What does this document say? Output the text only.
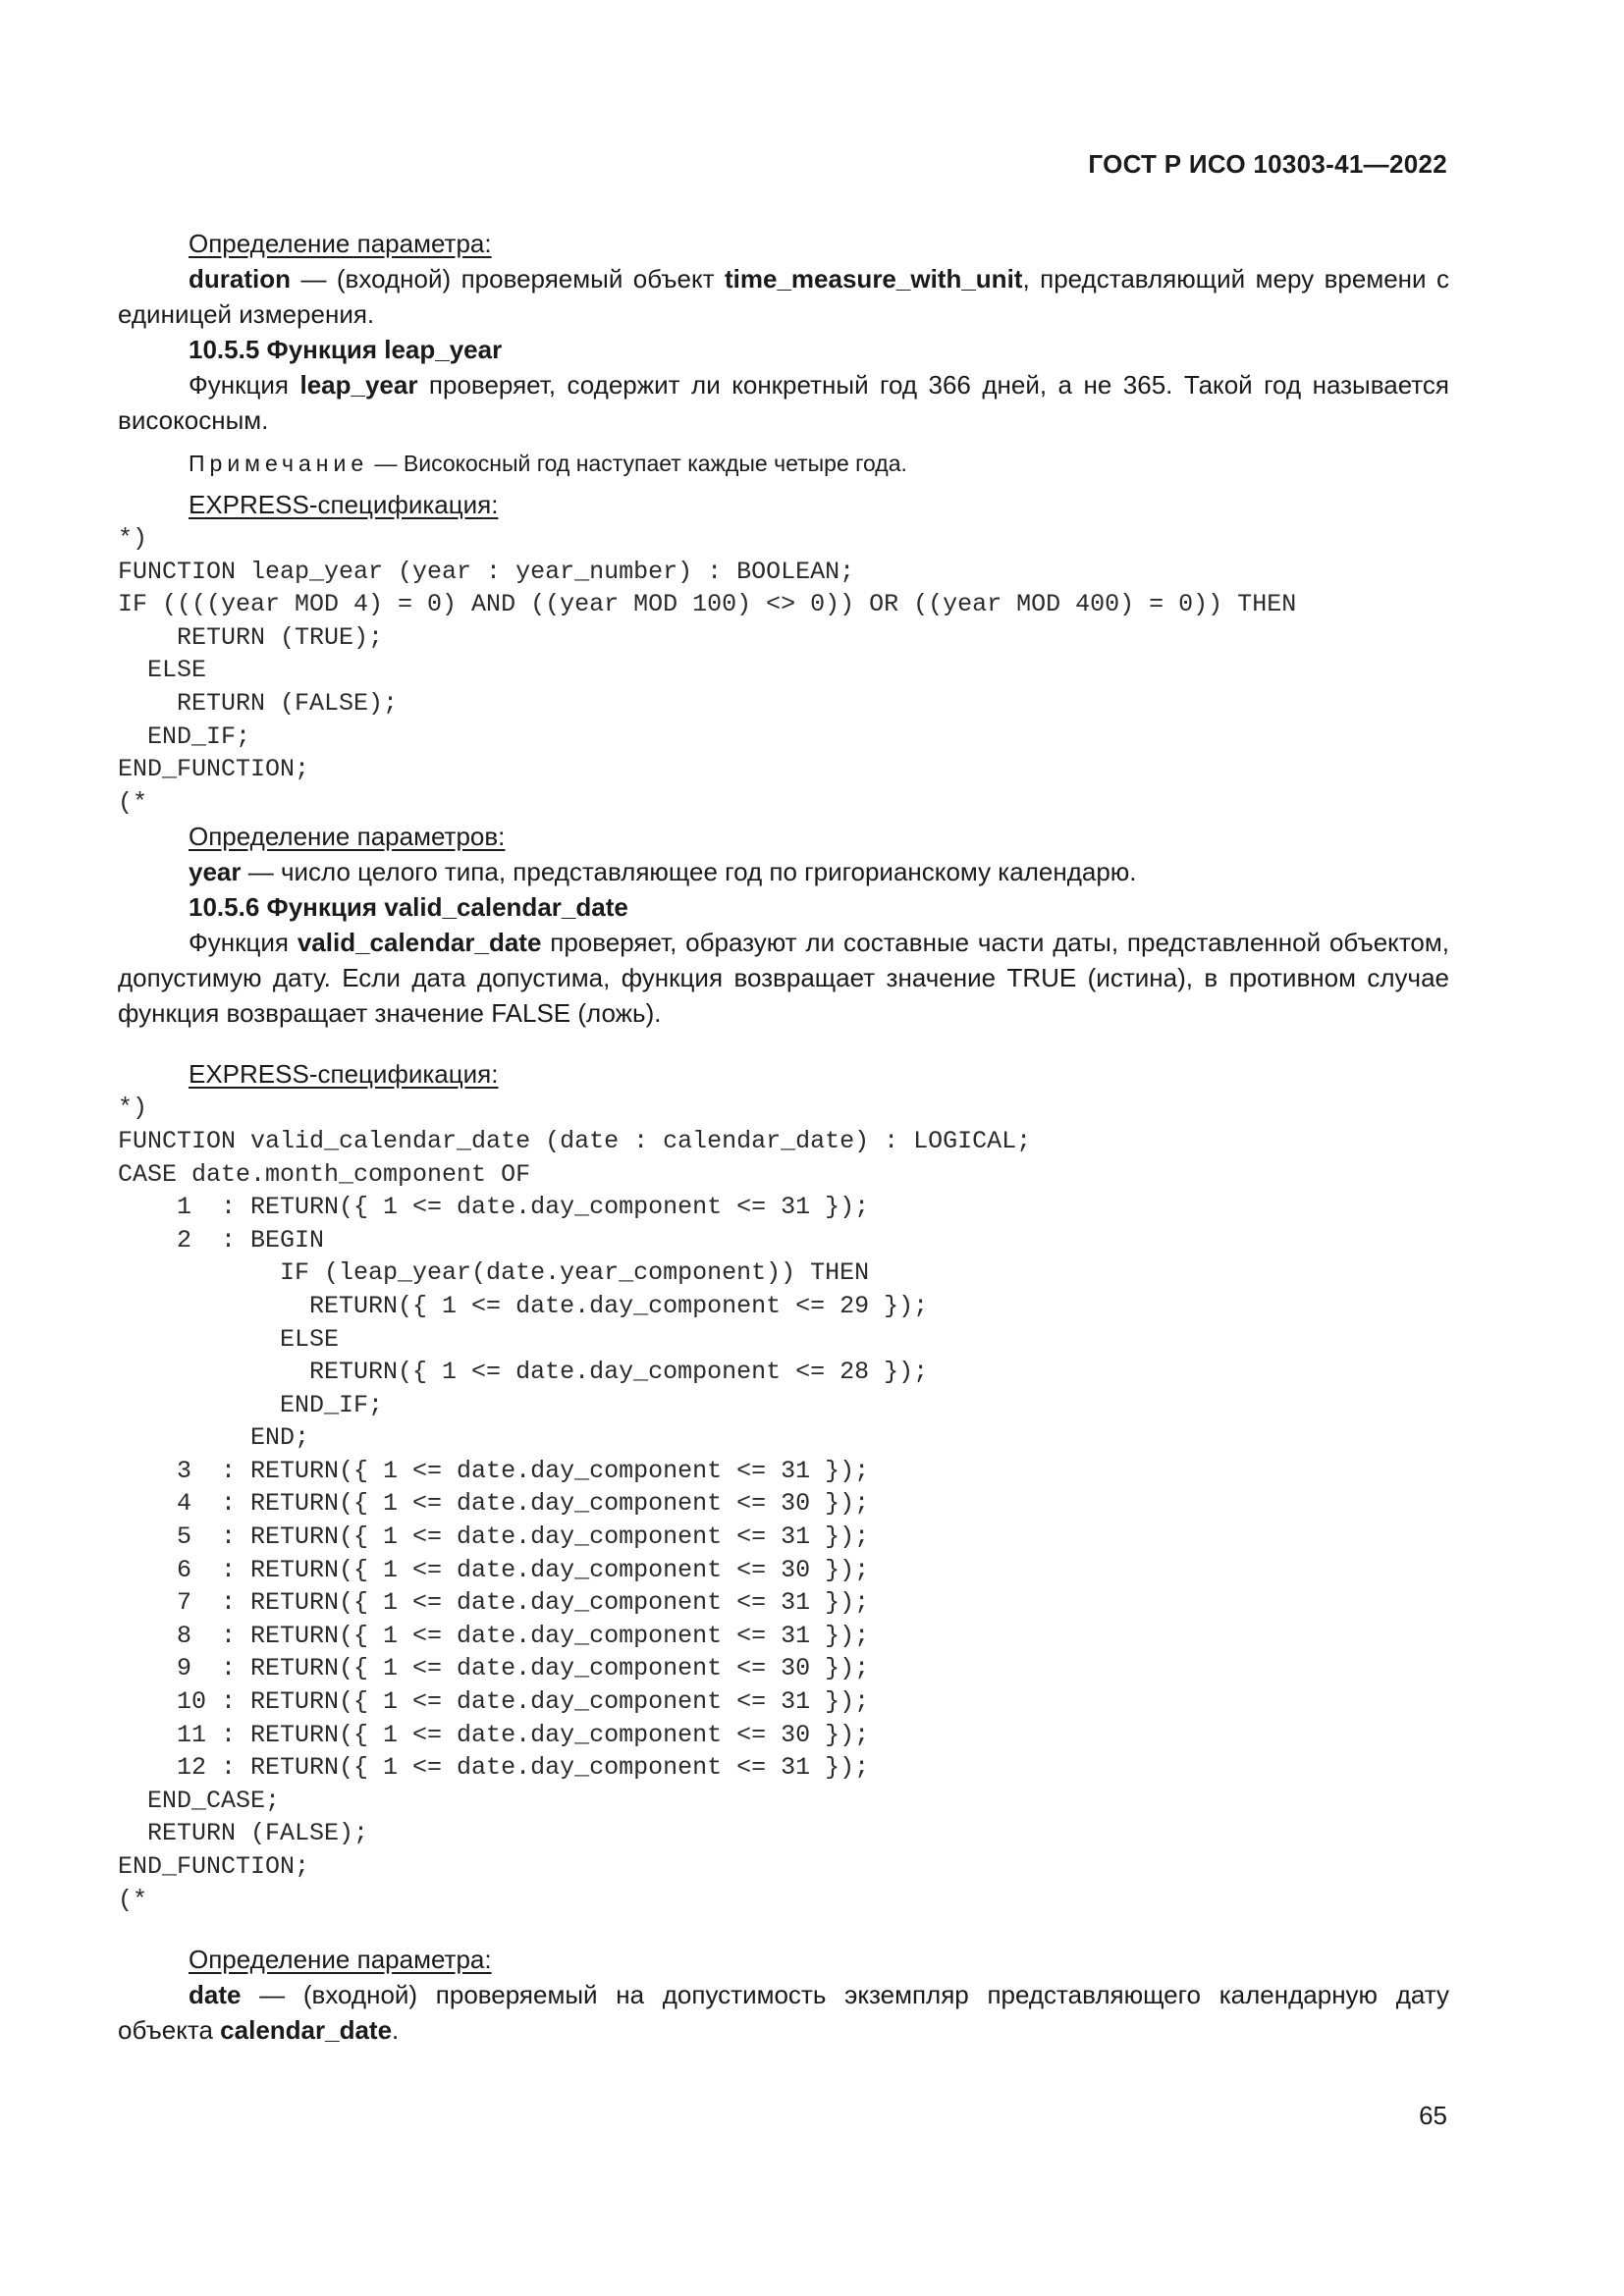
ГОСТ Р ИСО 10303-41—2022

Определение параметра:

duration — (входной) проверяемый объект time_measure_with_unit, представляющий меру времени с единицей измерения.

10.5.5 Функция leap_year

Функция leap_year проверяет, содержит ли конкретный год 366 дней, а не 365. Такой год называется високосным.

Примечание — Високосный год наступает каждые четыре года.

EXPRESS-спецификация:

*)
FUNCTION leap_year (year : year_number) : BOOLEAN;
IF ((((year MOD 4) = 0) AND ((year MOD 100) <> 0)) OR ((year MOD 400) = 0)) THEN
RETURN (TRUE);
ELSE
RETURN (FALSE);
END_IF;
END_FUNCTION;
(*

Определение параметров:

year — число целого типа, представляющее год по григорианскому календарю.

10.5.6 Функция valid_calendar_date

Функция valid_calendar_date проверяет, образуют ли составные части даты, представленной объектом, допустимую дату. Если дата допустима, функция возвращает значение TRUE (истина), в противном случае функция возвращает значение FALSE (ложь).

EXPRESS-спецификация:

*)
FUNCTION valid_calendar_date (date : calendar_date) : LOGICAL;
CASE date.month_component OF
1  : RETURN({ 1 <= date.day_component <= 31 });
2  : BEGIN
IF (leap_year(date.year_component)) THEN
RETURN({ 1 <= date.day_component <= 29 });
ELSE
RETURN({ 1 <= date.day_component <= 28 });
END_IF;
END;
3  : RETURN({ 1 <= date.day_component <= 31 });
4  : RETURN({ 1 <= date.day_component <= 30 });
5  : RETURN({ 1 <= date.day_component <= 31 });
6  : RETURN({ 1 <= date.day_component <= 30 });
7  : RETURN({ 1 <= date.day_component <= 31 });
8  : RETURN({ 1 <= date.day_component <= 31 });
9  : RETURN({ 1 <= date.day_component <= 30 });
10 : RETURN({ 1 <= date.day_component <= 31 });
11 : RETURN({ 1 <= date.day_component <= 30 });
12 : RETURN({ 1 <= date.day_component <= 31 });
END_CASE;
RETURN (FALSE);
END_FUNCTION;
(*

Определение параметра:

date — (входной) проверяемый на допустимость экземпляр представляющего календарную дату объекта calendar_date.

65
